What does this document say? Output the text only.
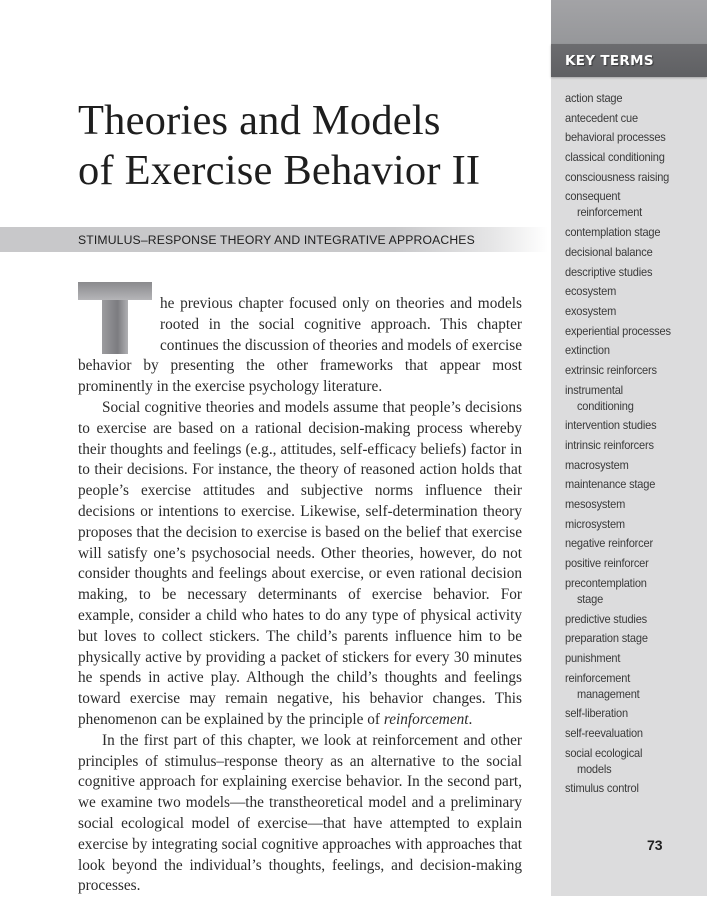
KEY TERMS
action stage
antecedent cue
behavioral processes
classical conditioning
consciousness raising
consequent
reinforcement
contemplation stage
decisional balance
descriptive studies
ecosystem
exosystem
experiential processes
extinction
extrinsic reinforcers
instrumental
conditioning
intervention studies
intrinsic reinforcers
macrosystem
maintenance stage
mesosystem
microsystem
negative reinforcer
positive reinforcer
precontemplation
stage
predictive studies
preparation stage
punishment
reinforcement
management
self-liberation
self-reevaluation
social ecological
models
stimulus control
73
Theories and Models
of Exercise Behavior II
STIMULUS–RESPONSE THEORY AND INTEGRATIVE APPROACHES

he previous chapter focused only on theories and models rooted in the social cognitive approach. This chapter continues the discussion of theories and models of exercise behavior by presenting the other frameworks that appear most prominently in the exercise psychology literature.

Social cognitive theories and models assume that people’s decisions to exercise are based on a rational decision-making process whereby their thoughts and feelings (e.g., attitudes, self-efficacy beliefs) factor in to their decisions. For instance, the theory of reasoned action holds that people’s exercise attitudes and subjective norms influence their decisions or intentions to exercise. Likewise, self-determination theory proposes that the decision to exercise is based on the belief that exercise will satisfy one’s psychosocial needs. Other theories, however, do not consider thoughts and feelings about exercise, or even rational decision making, to be necessary determinants of exercise behavior. For example, consider a child who hates to do any type of physical activity but loves to collect stickers. The child’s parents influence him to be physically active by providing a packet of stickers for every 30 minutes he spends in active play. Although the child’s thoughts and feelings toward exercise may remain negative, his behavior changes. This phenomenon can be explained by the principle of reinforcement.

In the first part of this chapter, we look at reinforcement and other principles of stimulus–response theory as an alternative to the social cognitive approach for explaining exercise behavior. In the second part, we examine two models—the transtheoretical model and a preliminary social ecological model of exercise—that have attempted to explain exercise by integrating social cognitive approaches with approaches that look beyond the individual’s thoughts, feelings, and decision-making processes.
